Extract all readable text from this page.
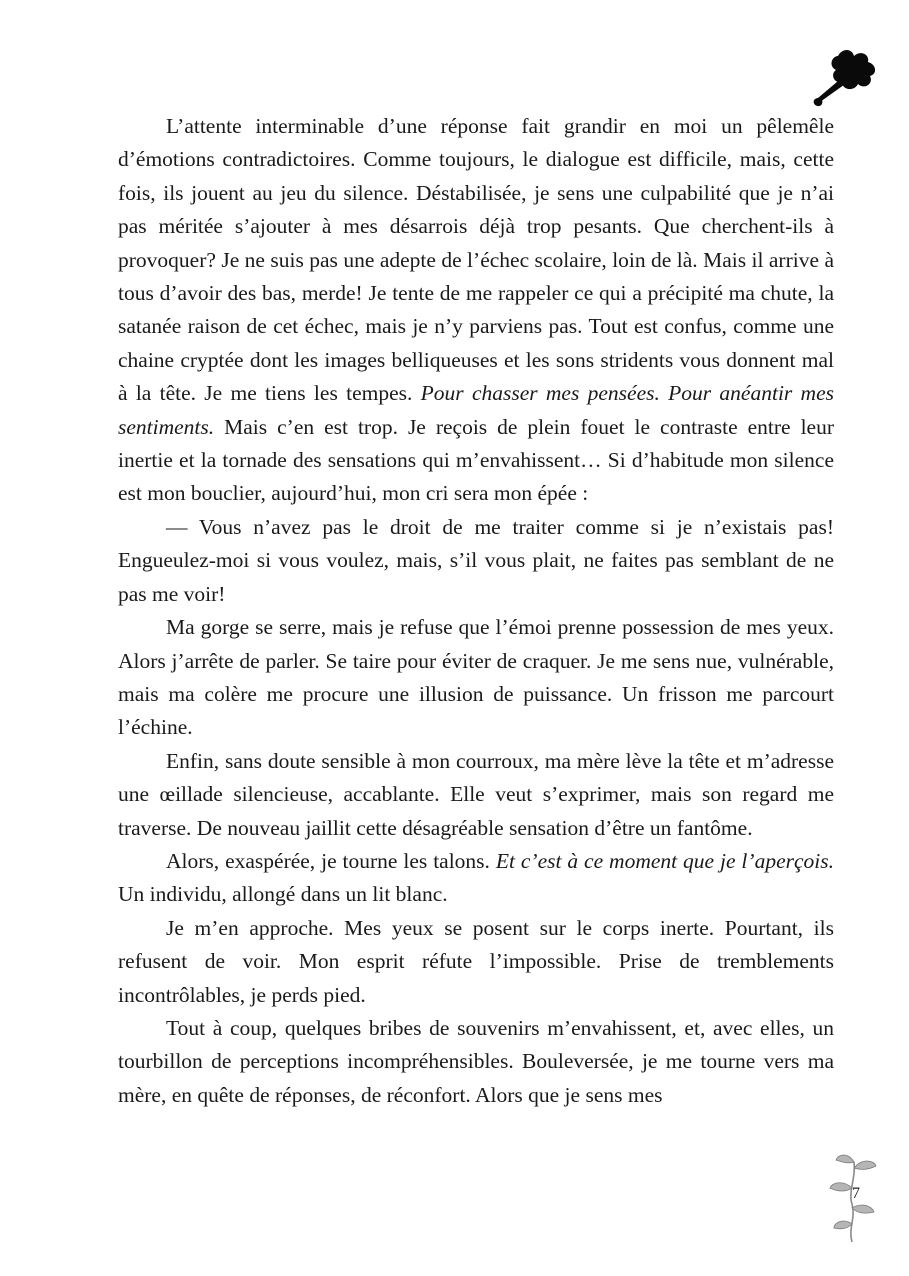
L’attente interminable d’une réponse fait grandir en moi un pêlemêle d’émotions contradictoires. Comme toujours, le dialogue est difficile, mais, cette fois, ils jouent au jeu du silence. Déstabilisée, je sens une culpabilité que je n’ai pas méritée s’ajouter à mes désarrois déjà trop pesants. Que cherchent-ils à provoquer? Je ne suis pas une adepte de l’échec scolaire, loin de là. Mais il arrive à tous d’avoir des bas, merde! Je tente de me rappeler ce qui a précipité ma chute, la satanée raison de cet échec, mais je n’y parviens pas. Tout est confus, comme une chaine cryptée dont les images belliqueuses et les sons stridents vous donnent mal à la tête. Je me tiens les tempes. Pour chasser mes pensées. Pour anéantir mes sentiments. Mais c’en est trop. Je reçois de plein fouet le contraste entre leur inertie et la tornade des sensations qui m’envahissent… Si d’habitude mon silence est mon bouclier, aujourd’hui, mon cri sera mon épée :

— Vous n’avez pas le droit de me traiter comme si je n’existais pas! Engueulez-moi si vous voulez, mais, s’il vous plait, ne faites pas semblant de ne pas me voir!

Ma gorge se serre, mais je refuse que l’émoi prenne possession de mes yeux. Alors j’arrête de parler. Se taire pour éviter de craquer. Je me sens nue, vulnérable, mais ma colère me procure une illusion de puissance. Un frisson me parcourt l’échine.

Enfin, sans doute sensible à mon courroux, ma mère lève la tête et m’adresse une œillade silencieuse, accablante. Elle veut s’exprimer, mais son regard me traverse. De nouveau jaillit cette désagréable sensation d’être un fantôme.

Alors, exaspérée, je tourne les talons. Et c’est à ce moment que je l’aperçois. Un individu, allongé dans un lit blanc.

Je m’en approche. Mes yeux se posent sur le corps inerte. Pourtant, ils refusent de voir. Mon esprit réfute l’impossible. Prise de tremblements incontrôlables, je perds pied.

Tout à coup, quelques bribes de souvenirs m’envahissent, et, avec elles, un tourbillon de perceptions incompréhensibles. Bouleversée, je me tourne vers ma mère, en quête de réponses, de réconfort. Alors que je sens mes

7
